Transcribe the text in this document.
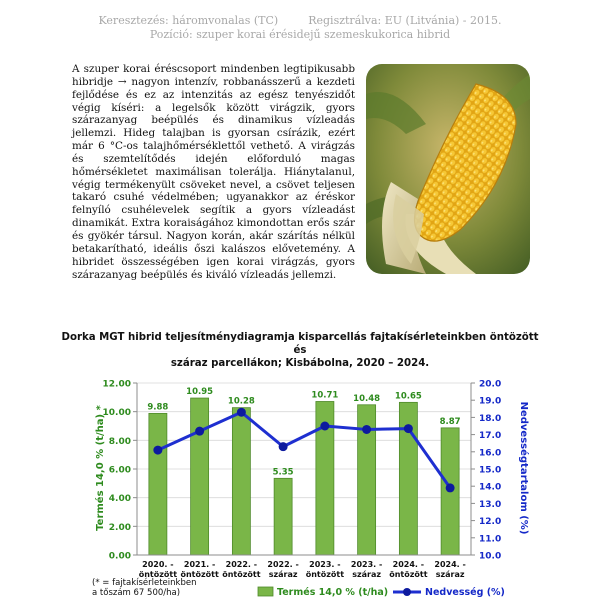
Keresztezés: háromvonalas (TC)	Regisztrálva: EU (Litvánia) - 2015.
Pozíció: szuper korai érésidejű szemeskukorica hibrid
A szuper korai éréscsoport mindenben legtipikusabb hibridje → nagyon intenzív, robbanásszerű a kezdeti fejlődése és ez az intenzitás az egész tenyészidőt végig kíséri: a legelsők között virágzik, gyors szárazanyag beépülés és dinamikus vízleadás jellemzi. Hideg talajban is gyorsan csírázik, ezért már 6 °C-os talajhőmérséklettől vethető. A virágzás és szemtelítődés idején előforduló magas hőmérsékletet maximálisan tolerálja. Hiánytalanul, végig termékenyült csöveket nevel, a csövet teljesen takaró csuhé védelmében; ugyanakkor az éréskor felnyíló csuhélevelek segítik a gyors vízleadást dinamikát. Extra koraiságához kimondottan erős szár és gyökér társul. Nagyon korán, akár szárítás nélkül betakarítható, ideális őszi kalászos elővetemény. A hibridet összességében igen korai virágzás, gyors szárazanyag beépülés és kiváló vízleadás jellemzi.
Dorka MGT hibrid teljesítménydiagramja kisparcellás fajtakísérleteinkben öntözött és
száraz parcellákon; Kisbábolna, 2020 – 2024.
9.88
10.95
10.28
5.35
10.71 10.48 10.65
8.87
0.00
2.00
4.00
6.00
8.00
10.00
12.00
10.0
11.0
12.0
13.0
14.0
15.0
16.0
17.0
18.0
19.0
20.0
2020. -
öntözött
2021. -
öntözött
2022. -
öntözött
2022. -
száraz
2023. -
öntözött
2023. -
száraz
2024. -
öntözött
2024. -
száraz
Termés 14,0 % (t/ha) *	Nedvességtartalom (%)
Termés 14,0 % (t/ha)	Nedvesség (%)
(* = fajtakísérleteinkben
a tőszám 67 500/ha)
